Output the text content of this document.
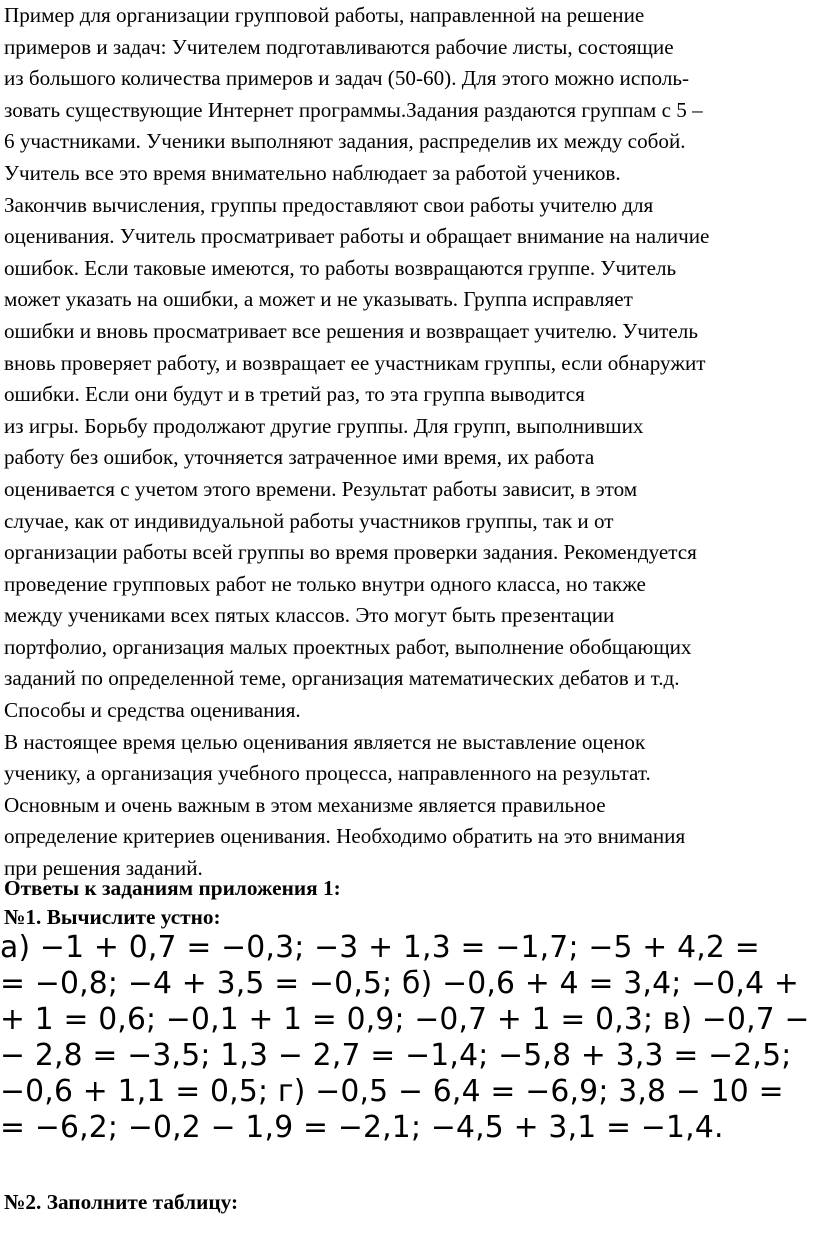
Пример для организации групповой работы, направленной на решение

примеров и задач: Учителем подготавливаются рабочие листы, состоящие

из большого количества примеров и задач (50-60). Для этого можно исполь-

зовать существующие Интернет программы.Задания раздаются группам с 5 –

6 участниками. Ученики выполняют задания, распределив их между собой.

Учитель все это время внимательно наблюдает за работой учеников.

Закончив вычисления, группы предоставляют свои работы учителю для

оценивания. Учитель просматривает работы и обращает внимание на наличие

ошибок. Если таковые имеются, то работы возвращаются группе. Учитель

может указать на ошибки, а может и не указывать. Группа исправляет

ошибки и вновь просматривает все решения и возвращает учителю. Учитель

вновь проверяет работу, и возвращает ее участникам группы, если обнаружит

ошибки. Если они будут и в третий раз, то эта группа выводится

из игры. Борьбу продолжают другие группы. Для групп, выполнивших

работу без ошибок, уточняется затраченное ими время, их работа

оценивается с учетом этого времени. Результат работы зависит, в этом

случае, как от индивидуальной работы участников группы, так и от

организации работы всей группы во время проверки задания. Рекомендуется

проведение групповых работ не только внутри одного класса, но также

между учениками всех пятых классов. Это могут быть презентации

портфолио, организация малых проектных работ, выполнение обобщающих

заданий по определенной теме, организация математических дебатов и т.д.

Способы и средства оценивания.

В настоящее время целью оценивания является не выставление оценок

ученику, а организация учебного процесса, направленного на результат.

Основным и очень важным в этом механизме является правильное

определение критериев оценивания. Необходимо обратить на это внимания

при решения заданий.

Ответы к заданиям приложения 1:
№1. Вычислите устно:
а) −1 + 0,7 = −0,3; −3 + 1,3 = −1,7; −5 + 4,2 =
= −0,8; −4 + 3,5 = −0,5; б) −0,6 + 4 = 3,4; −0,4 +
+ 1 = 0,6; −0,1 + 1 = 0,9; −0,7 + 1 = 0,3; в) −0,7 −
− 2,8 = −3,5; 1,3 − 2,7 = −1,4; −5,8 + 3,3 = −2,5;
−0,6 + 1,1 = 0,5; г) −0,5 − 6,4 = −6,9; 3,8 − 10 =
= −6,2; −0,2 − 1,9 = −2,1; −4,5 + 3,1 = −1,4.
№2. Заполните таблицу:
